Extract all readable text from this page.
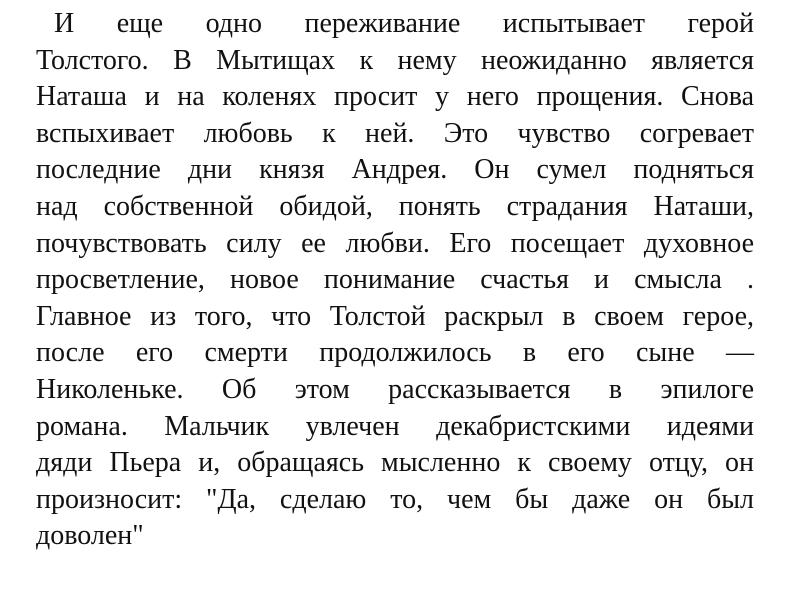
И еще одно переживание испытывает герой
Толстого. В Мытищах к нему неожиданно является
Наташа и на коленях просит у него прощения. Снова
вспыхивает любовь к ней. Это чувство согревает
последние дни князя Андрея. Он сумел подняться
над собственной обидой, понять страдания Наташи,
почувствовать силу ее любви. Его посещает духовное
просветление, новое понимание счастья и смысла .
Главное из того, что Толстой раскрыл в своем герое,
после его смерти продолжилось в его сыне —
Николеньке. Об этом рассказывается в эпилоге
романа. Мальчик увлечен декабристскими идеями
дяди Пьера и, обращаясь мысленно к своему отцу, он
произносит: "Да, сделаю то, чем бы даже он был
доволен"
